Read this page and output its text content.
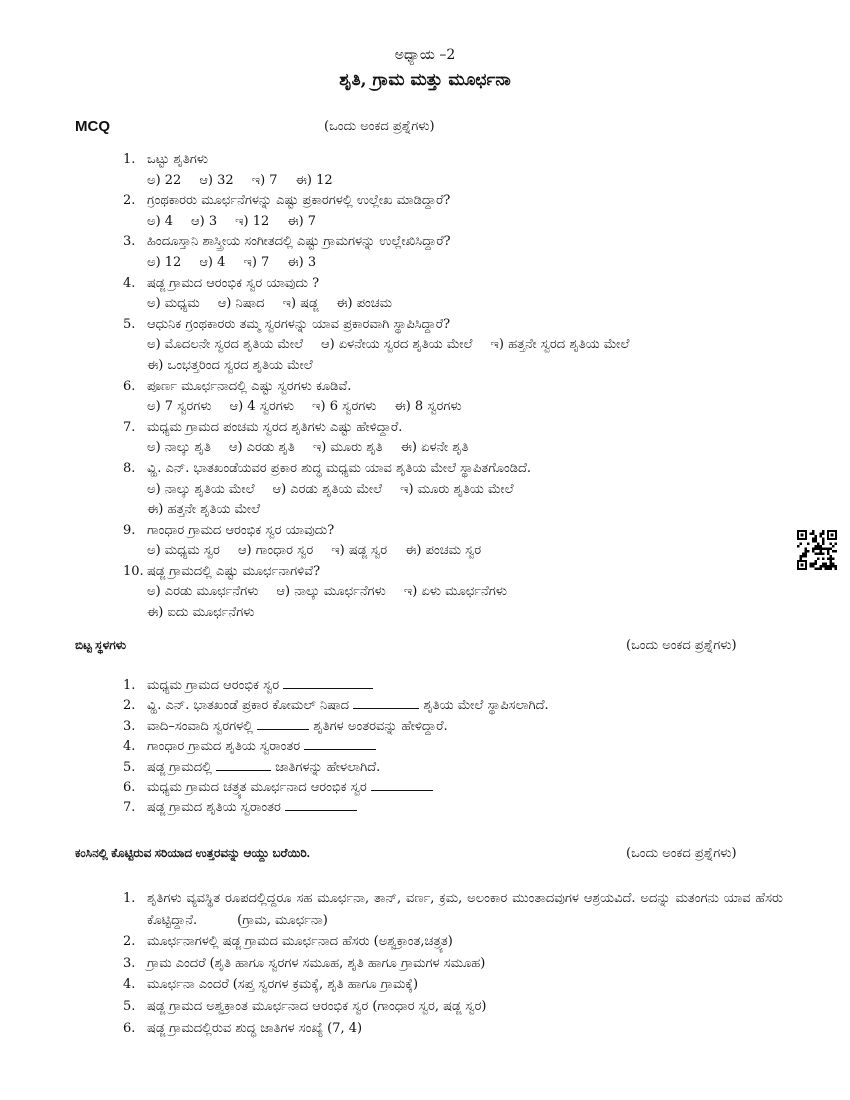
ಅಧ್ಯಾಯ –2
ಶೃತಿ, ಗ್ರಾಮ ಮತ್ತು ಮೂರ್ಛನಾ
MCQ	(ಒಂದು ಅಂಕದ ಪ್ರಶ್ನೆಗಳು)
1. ಒಟ್ಟು ಶೃತಿಗಳು
ಅ) 22 ಆ) 32 ಇ) 7 ಈ) 12
2. ಗ್ರಂಥಕಾರರು ಮೂರ್ಛನೆಗಳನ್ನು ಎಷ್ಟು ಪ್ರಕಾರಗಳಲ್ಲಿ ಉಲ್ಲೇಖ ಮಾಡಿದ್ದಾರೆ?
ಅ) 4 ಆ) 3 ಇ) 12 ಈ) 7
3. ಹಿಂದೂಸ್ತಾನಿ ಶಾಸ್ತ್ರೀಯ ಸಂಗೀತದಲ್ಲಿ ಎಷ್ಟು ಗ್ರಾಮಗಳನ್ನು ಉಲ್ಲೇಖಿಸಿದ್ದಾರೆ?
ಅ) 12 ಆ) 4 ಇ) 7 ಈ) 3
4. ಷಡ್ಜ ಗ್ರಾಮದ ಆರಂಭಿಕ ಸ್ವರ ಯಾವುದು ?
ಅ) ಮಧ್ಯಮ ಆ) ನಿಷಾದ ಇ) ಷಡ್ಜ ಈ) ಪಂಚಮ
5. ಆಧುನಿಕ ಗ್ರಂಥಕಾರರು ತಮ್ಮ ಸ್ವರಗಳನ್ನು ಯಾವ ಪ್ರಕಾರವಾಗಿ ಸ್ಥಾಪಿಸಿದ್ದಾರೆ?
ಅ) ಮೊದಲನೇ ಸ್ವರದ ಶೃತಿಯ ಮೇಲೆ ಆ) ಏಳನೇಯ ಸ್ವರದ ಶೃತಿಯ ಮೇಲೆ ಇ) ಹತ್ತನೇ ಸ್ವರದ ಶೃತಿಯ ಮೇಲೆ
ಈ) ಒಂಭತ್ತರಿಂದ ಸ್ವರದ ಶೃತಿಯ ಮೇಲೆ
6. ಪೂರ್ಣ ಮೂರ್ಛನಾದಲ್ಲಿ ಎಷ್ಟು ಸ್ವರಗಳು ಕೂಡಿವೆ.
ಅ) 7 ಸ್ವರಗಳು ಆ) 4 ಸ್ವರಗಳು ಇ) 6 ಸ್ವರಗಳು ಈ) 8 ಸ್ವರಗಳು
7. ಮಧ್ಯಮ ಗ್ರಾಮದ ಪಂಚಮ ಸ್ವರದ ಶೃತಿಗಳು ಎಷ್ಟು ಹೇಳಿದ್ದಾರೆ.
ಅ) ನಾಲ್ಕು ಶೃತಿ ಆ) ಎರಡು ಶೃತಿ ಇ) ಮೂರು ಶೃತಿ ಈ) ಏಳನೇ ಶೃತಿ
8. ವ್ಹಿ. ಎನ್. ಭಾತಖಂಡೆಯವರ ಪ್ರಕಾರ ಶುದ್ಧ ಮಧ್ಯಮ ಯಾವ ಶೃತಿಯ ಮೇಲೆ ಸ್ಥಾಪಿತಗೊಂಡಿದೆ.
ಅ) ನಾಲ್ಕು ಶೃತಿಯ ಮೇಲೆ ಆ) ಎರಡು ಶೃತಿಯ ಮೇಲೆ ಇ) ಮೂರು ಶೃತಿಯ ಮೇಲೆ
ಈ) ಹತ್ತನೇ ಶೃತಿಯ ಮೇಲೆ
9. ಗಾಂಧಾರ ಗ್ರಾಮದ ಆರಂಭಿಕ ಸ್ವರ ಯಾವುದು?
ಅ) ಮಧ್ಯಮ ಸ್ವರ ಆ) ಗಾಂಧಾರ ಸ್ವರ ಇ) ಷಡ್ಜ ಸ್ವರ ಈ) ಪಂಚಮ ಸ್ವರ
10. ಷಡ್ಜ ಗ್ರಾಮದಲ್ಲಿ ಎಷ್ಟು ಮೂರ್ಛನಾಗಳಿವೆ?
ಅ) ಎರಡು ಮೂರ್ಛನೆಗಳು ಆ) ನಾಲ್ಕು ಮೂರ್ಛನೆಗಳು ಇ) ಏಳು ಮೂರ್ಛನೆಗಳು
ಈ) ಐದು ಮೂರ್ಛನೆಗಳು
ಬಿಟ್ಟ ಸ್ಥಳಗಳು	(ಒಂದು ಅಂಕದ ಪ್ರಶ್ನೆಗಳು)
1. ಮಧ್ಯಮ ಗ್ರಾಮದ ಆರಂಭಿಕ ಸ್ವರ
2. ವ್ಹಿ. ಎನ್. ಭಾತಖಂಡೆ ಪ್ರಕಾರ ಕೋಮಲ್ ನಿಷಾದ	ಶೃತಿಯ ಮೇಲೆ ಸ್ಥಾಪಿಸಲಾಗಿದೆ.
3. ವಾದಿ–ಸಂವಾದಿ ಸ್ವರಗಳಲ್ಲಿ	ಶೃತಿಗಳ ಅಂತರವನ್ನು ಹೇಳಿದ್ದಾರೆ.
4. ಗಾಂಧಾರ ಗ್ರಾಮದ ಶೃತಿಯ ಸ್ವರಾಂತರ
5. ಷಡ್ಜ ಗ್ರಾಮದಲ್ಲಿ	ಜಾತಿಗಳನ್ನು ಹೇಳಲಾಗಿದೆ.
6. ಮಧ್ಯಮ ಗ್ರಾಮದ ಚತ್ರ್ಯತ ಮೂರ್ಛನಾದ ಆರಂಭಿಕ ಸ್ವರ
7. ಷಡ್ಜ ಗ್ರಾಮದ ಶೃತಿಯ ಸ್ವರಾಂತರ
ಕಂಸಿನಲ್ಲಿ ಕೊಟ್ಟಿರುವ ಸರಿಯಾದ ಉತ್ತರವನ್ನು ಆಯ್ದು ಬರೆಯಿರಿ.	(ಒಂದು ಅಂಕದ ಪ್ರಶ್ನೆಗಳು)
1. ಶೃತಿಗಳು ವ್ಯವಸ್ಥಿತ ರೂಪದಲ್ಲಿದ್ದರೂ ಸಹ ಮೂರ್ಛನಾ, ತಾನ್, ವರ್ಣ, ಕ್ರಮ, ಅಲಂಕಾರ ಮುಂತಾದವುಗಳ ಆಶ್ರಯವಿದೆ. ಅದನ್ನು ಮತಂಗನು ಯಾವ ಹೆಸರು ಕೊಟ್ಟಿದ್ದಾನೆ.	(ಗ್ರಾಮ, ಮೂರ್ಛನಾ)
2. ಮೂರ್ಛನಾಗಳಲ್ಲಿ ಷಡ್ಜ ಗ್ರಾಮದ ಮೂರ್ಛನಾದ ಹೆಸರು (ಅಶ್ವಕ್ರಾಂತ,ಚತ್ರ್ಯತ)
3. ಗ್ರಾಮ ಎಂದರೆ (ಶೃತಿ ಹಾಗೂ ಸ್ವರಗಳ ಸಮೂಹ, ಶೃತಿ ಹಾಗೂ ಗ್ರಾಮಗಳ ಸಮೂಹ)
4. ಮೂರ್ಛನಾ ಎಂದರೆ (ಸಪ್ತ ಸ್ವರಗಳ ಕ್ರಮಕ್ಕೆ, ಶೃತಿ ಹಾಗೂ ಗ್ರಾಮಕ್ಕೆ)
5. ಷಡ್ಜ ಗ್ರಾಮದ ಅಶ್ವಕ್ರಾಂತ ಮೂರ್ಛನಾದ ಆರಂಭಿಕ ಸ್ವರ (ಗಾಂಧಾರ ಸ್ವರ, ಷಡ್ಜ ಸ್ವರ)
6. ಷಡ್ಜ ಗ್ರಾಮದಲ್ಲಿರುವ ಶುದ್ಧ ಜಾತಿಗಳ ಸಂಖ್ಯೆ (7, 4)
